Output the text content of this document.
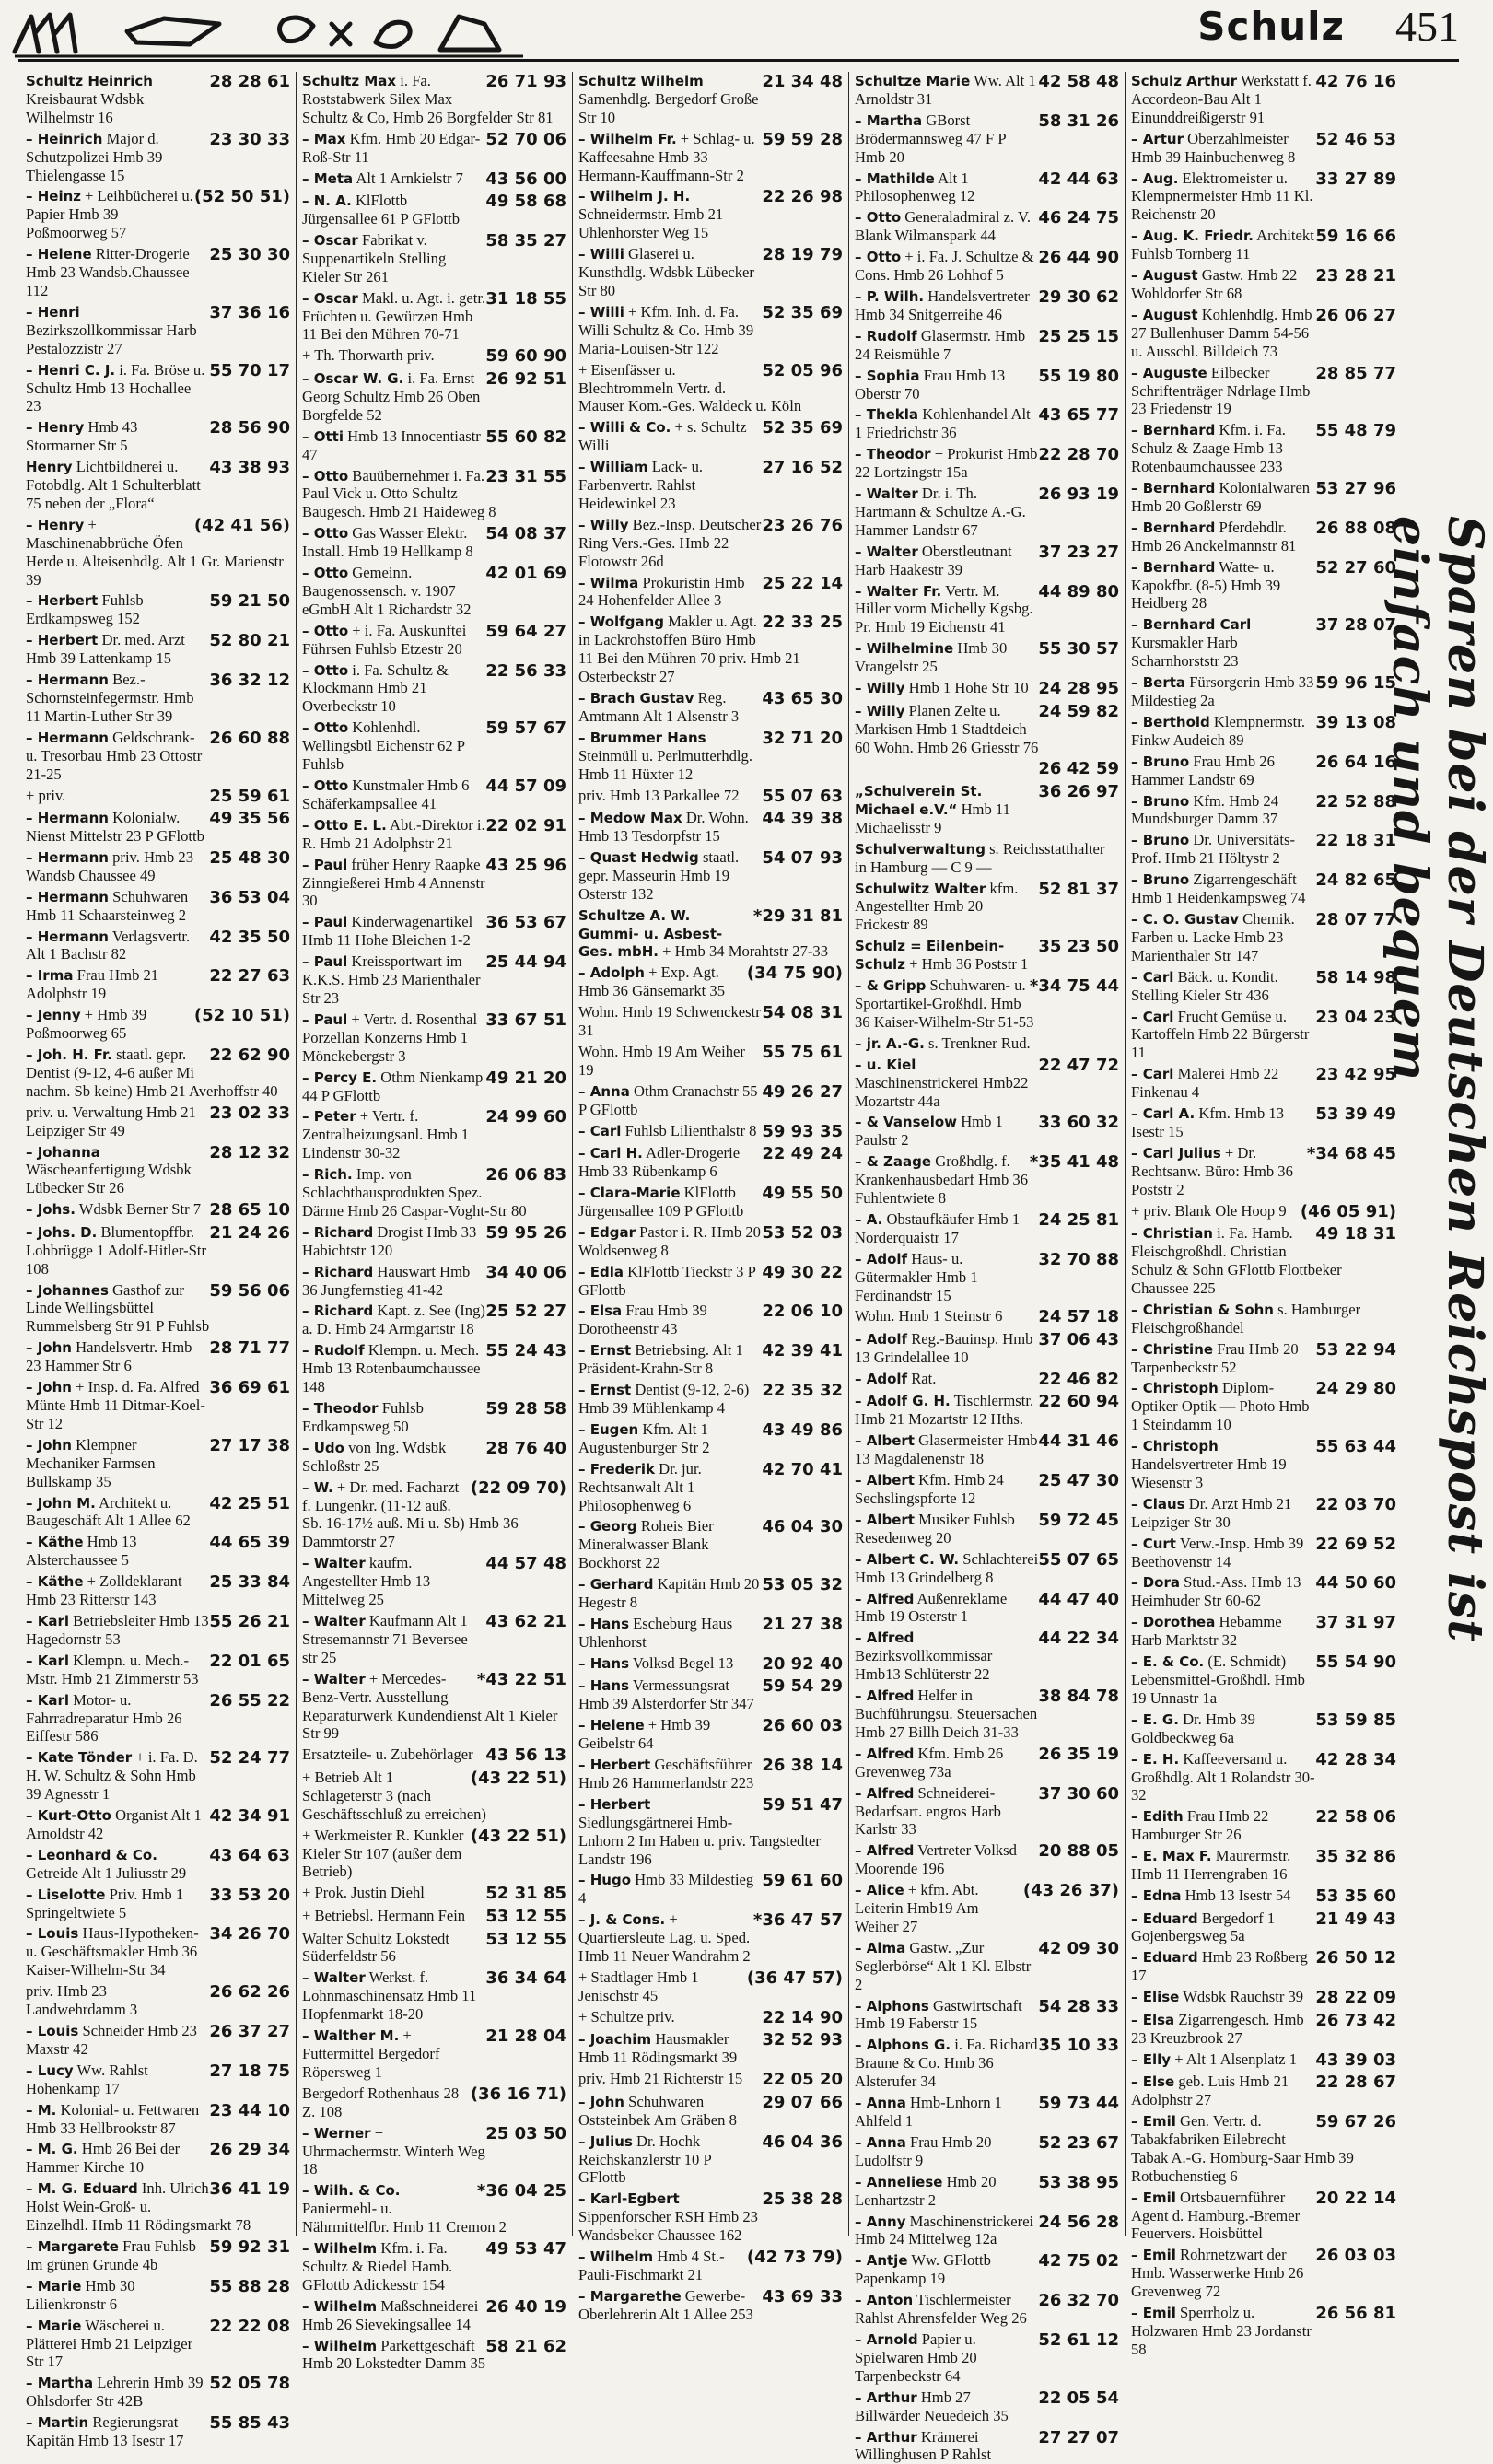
Schulz 451

28 28 61
Schultz Heinrich Kreisbaurat Wdsbk Wilhelmstr 16

23 30 33
– Heinrich Major d. Schutzpolizei Hmb 39 Thielengasse 15

(52 50 51)
– Heinz + Leihbücherei u. Papier Hmb 39 Poßmoorweg 57

25 30 30
– Helene Ritter-Drogerie Hmb 23 Wandsb.Chaussee 112

37 36 16
– Henri Bezirkszollkommissar Harb Pestalozzistr 27

55 70 17
– Henri C. J. i. Fa. Bröse u. Schultz Hmb 13 Hochallee 23

28 56 90
– Henry Hmb 43 Stormarner Str 5

43 38 93
Henry Lichtbildnerei u. Fotobdlg. Alt 1 Schulterblatt 75 neben der „Flora“

(42 41 56)
– Henry + Maschinenabbrüche Öfen Herde u. Alteisenhdlg. Alt 1 Gr. Marienstr 39

59 21 50
– Herbert Fuhlsb Erdkampsweg 152

52 80 21
– Herbert Dr. med. Arzt Hmb 39 Lattenkamp 15

36 32 12
– Hermann Bez.-Schornsteinfegermstr. Hmb 11 Martin-Luther Str 39

26 60 88
– Hermann Geldschrank- u. Tresorbau Hmb 23 Ottostr 21-25

25 59 61
+ priv.

49 35 56
– Hermann Kolonialw. Nienst Mittelstr 23 P GFlottb

25 48 30
– Hermann priv. Hmb 23 Wandsb Chaussee 49

36 53 04
– Hermann Schuhwaren Hmb 11 Schaarsteinweg 2

42 35 50
– Hermann Verlagsvertr. Alt 1 Bachstr 82

22 27 63
– Irma Frau Hmb 21 Adolphstr 19

(52 10 51)
– Jenny + Hmb 39 Poßmoorweg 65

22 62 90
– Joh. H. Fr. staatl. gepr. Dentist (9-12, 4-6 außer Mi nachm. Sb keine) Hmb 21 Averhoffstr 40

23 02 33
priv. u. Verwaltung Hmb 21 Leipziger Str 49

28 12 32
– Johanna Wäscheanfertigung Wdsbk Lübecker Str 26

28 65 10
– Johs. Wdsbk Berner Str 7

21 24 26
– Johs. D. Blumentopffbr. Lohbrügge 1 Adolf-Hitler-Str 108

59 56 06
– Johannes Gasthof zur Linde Wellingsbüttel Rummelsberg Str 91 P Fuhlsb

28 71 77
– John Handelsvertr. Hmb 23 Hammer Str 6

36 69 61
– John + Insp. d. Fa. Alfred Münte Hmb 11 Ditmar-Koel-Str 12

27 17 38
– John Klempner Mechaniker Farmsen Bullskamp 35

42 25 51
– John M. Architekt u. Baugeschäft Alt 1 Allee 62

44 65 39
– Käthe Hmb 13 Alsterchaussee 5

25 33 84
– Käthe + Zolldeklarant Hmb 23 Ritterstr 143

55 26 21
– Karl Betriebsleiter Hmb 13 Hagedornstr 53

22 01 65
– Karl Klempn. u. Mech.-Mstr. Hmb 21 Zimmerstr 53

26 55 22
– Karl Motor- u. Fahrradreparatur Hmb 26 Eiffestr 586

52 24 77
– Kate Tönder + i. Fa. D. H. W. Schultz & Sohn Hmb 39 Agnesstr 1

42 34 91
– Kurt-Otto Organist Alt 1 Arnoldstr 42

43 64 63
– Leonhard & Co. Getreide Alt 1 Juliusstr 29

33 53 20
– Liselotte Priv. Hmb 1 Springeltwiete 5

34 26 70
– Louis Haus-Hypotheken- u. Geschäftsmakler Hmb 36 Kaiser-Wilhelm-Str 34

26 62 26
priv. Hmb 23 Landwehrdamm 3

26 37 27
– Louis Schneider Hmb 23 Maxstr 42

27 18 75
– Lucy Ww. Rahlst Hohenkamp 17

23 44 10
– M. Kolonial- u. Fettwaren Hmb 33 Hellbrookstr 87

26 29 34
– M. G. Hmb 26 Bei der Hammer Kirche 10

36 41 19
– M. G. Eduard Inh. Ulrich Holst Wein-Groß- u. Einzelhdl. Hmb 11 Rödingsmarkt 78

59 92 31
– Margarete Frau Fuhlsb Im grünen Grunde 4b

55 88 28
– Marie Hmb 30 Lilienkronstr 6

22 22 08
– Marie Wäscherei u. Plätterei Hmb 21 Leipziger Str 17

52 05 78
– Martha Lehrerin Hmb 39 Ohlsdorfer Str 42B

55 85 43
– Martin Regierungsrat Kapitän Hmb 13 Isestr 17

26 71 93
Schultz Max i. Fa. Roststabwerk Silex Max Schultz & Co, Hmb 26 Borgfelder Str 81

52 70 06
– Max Kfm. Hmb 20 Edgar-Roß-Str 11

43 56 00
– Meta Alt 1 Arnkielstr 7

49 58 68
– N. A. KlFlottb Jürgensallee 61 P GFlottb

58 35 27
– Oscar Fabrikat v. Suppenartikeln Stelling Kieler Str 261

31 18 55
– Oscar Makl. u. Agt. i. getr. Früchten u. Gewürzen Hmb 11 Bei den Mühren 70-71

59 60 90
+ Th. Thorwarth priv.

26 92 51
– Oscar W. G. i. Fa. Ernst Georg Schultz Hmb 26 Oben Borgfelde 52

55 60 82
– Otti Hmb 13 Innocentiastr 47

23 31 55
– Otto Bauübernehmer i. Fa. Paul Vick u. Otto Schultz Baugesch. Hmb 21 Haideweg 8

54 08 37
– Otto Gas Wasser Elektr. Install. Hmb 19 Hellkamp 8

42 01 69
– Otto Gemeinn. Baugenossensch. v. 1907 eGmbH Alt 1 Richardstr 32

59 64 27
– Otto + i. Fa. Auskunftei Führsen Fuhlsb Etzestr 20

22 56 33
– Otto i. Fa. Schultz & Klockmann Hmb 21 Overbeckstr 10

59 57 67
– Otto Kohlenhdl. Wellingsbtl Eichenstr 62 P Fuhlsb

44 57 09
– Otto Kunstmaler Hmb 6 Schäferkampsallee 41

22 02 91
– Otto E. L. Abt.-Direktor i. R. Hmb 21 Adolphstr 21

43 25 96
– Paul früher Henry Raapke Zinngießerei Hmb 4 Annenstr 30

36 53 67
– Paul Kinderwagenartikel Hmb 11 Hohe Bleichen 1-2

25 44 94
– Paul Kreissportwart im K.K.S. Hmb 23 Marienthaler Str 23

33 67 51
– Paul + Vertr. d. Rosenthal Porzellan Konzerns Hmb 1 Mönckebergstr 3

49 21 20
– Percy E. Othm Nienkamp 44 P GFlottb

24 99 60
– Peter + Vertr. f. Zentralheizungsanl. Hmb 1 Lindenstr 30-32

26 06 83
– Rich. Imp. von Schlachthausprodukten Spez. Därme Hmb 26 Caspar-Voght-Str 80

59 95 26
– Richard Drogist Hmb 33 Habichtstr 120

34 40 06
– Richard Hauswart Hmb 36 Jungfernstieg 41-42

25 52 27
– Richard Kapt. z. See (Ing) a. D. Hmb 24 Armgartstr 18

55 24 43
– Rudolf Klempn. u. Mech. Hmb 13 Rotenbaumchaussee 148

59 28 58
– Theodor Fuhlsb Erdkampsweg 50

28 76 40
– Udo von Ing. Wdsbk Schloßstr 25

(22 09 70)
– W. + Dr. med. Facharzt f. Lungenkr. (11-12 auß. Sb. 16-17½ auß. Mi u. Sb) Hmb 36 Dammtorstr 27

44 57 48
– Walter kaufm. Angestellter Hmb 13 Mittelweg 25

43 62 21
– Walter Kaufmann Alt 1 Stresemannstr 71 Beversee str 25

*43 22 51
– Walter + Mercedes-Benz-Vertr. Ausstellung Reparaturwerk Kundendienst Alt 1 Kieler Str 99

43 56 13
Ersatzteile- u. Zubehörlager

(43 22 51)
+ Betrieb Alt 1 Schlageterstr 3 (nach Geschäftsschluß zu erreichen)

(43 22 51)
+ Werkmeister R. Kunkler Kieler Str 107 (außer dem Betrieb)

52 31 85
+ Prok. Justin Diehl

53 12 55
+ Betriebsl. Hermann Fein

53 12 55
Walter Schultz Lokstedt Süderfeldstr 56

36 34 64
– Walter Werkst. f. Lohnmaschinensatz Hmb 11 Hopfenmarkt 18-20

21 28 04
– Walther M. + Futtermittel Bergedorf Röpersweg 1

(36 16 71)
Bergedorf Rothenhaus 28 Z. 108

25 03 50
– Werner + Uhrmachermstr. Winterh Weg 18

*36 04 25
– Wilh. & Co. Paniermehl- u. Nährmittelfbr. Hmb 11 Cremon 2

49 53 47
– Wilhelm Kfm. i. Fa. Schultz & Riedel Hamb. GFlottb Adickesstr 154

26 40 19
– Wilhelm Maßschneiderei Hmb 26 Sievekingsallee 14

58 21 62
– Wilhelm Parkettgeschäft Hmb 20 Lokstedter Damm 35

21 34 48
Schultz Wilhelm Samenhdlg. Bergedorf Große Str 10

59 59 28
– Wilhelm Fr. + Schlag- u. Kaffeesahne Hmb 33 Hermann-Kauffmann-Str 2

22 26 98
– Wilhelm J. H. Schneidermstr. Hmb 21 Uhlenhorster Weg 15

28 19 79
– Willi Glaserei u. Kunsthdlg. Wdsbk Lübecker Str 80

52 35 69
– Willi + Kfm. Inh. d. Fa. Willi Schultz & Co. Hmb 39 Maria-Louisen-Str 122

52 05 96
+ Eisenfässer u. Blechtrommeln Vertr. d. Mauser Kom.-Ges. Waldeck u. Köln

52 35 69
– Willi & Co. + s. Schultz Willi

27 16 52
– William Lack- u. Farbenvertr. Rahlst Heidewinkel 23

23 26 76
– Willy Bez.-Insp. Deutscher Ring Vers.-Ges. Hmb 22 Flotowstr 26d

25 22 14
– Wilma Prokuristin Hmb 24 Hohenfelder Allee 3

22 33 25
– Wolfgang Makler u. Agt. in Lackrohstoffen Büro Hmb 11 Bei den Mühren 70 priv. Hmb 21 Osterbeckstr 27

43 65 30
– Brach Gustav Reg. Amtmann Alt 1 Alsenstr 3

32 71 20
– Brummer Hans Steinmüll u. Perlmutterhdlg. Hmb 11 Hüxter 12

55 07 63
priv. Hmb 13 Parkallee 72

44 39 38
– Medow Max Dr. Wohn. Hmb 13 Tesdorpfstr 15

54 07 93
– Quast Hedwig staatl. gepr. Masseurin Hmb 19 Osterstr 132

*29 31 81
Schultze A. W. Gummi- u. Asbest-Ges. mbH. + Hmb 34 Morahtstr 27-33

(34 75 90)
– Adolph + Exp. Agt. Hmb 36 Gänsemarkt 35

54 08 31
Wohn. Hmb 19 Schwenckestr 31

55 75 61
Wohn. Hmb 19 Am Weiher 19

49 26 27
– Anna Othm Cranachstr 55 P GFlottb

59 93 35
– Carl Fuhlsb Lilienthalstr 8

22 49 24
– Carl H. Adler-Drogerie Hmb 33 Rübenkamp 6

49 55 50
– Clara-Marie KlFlottb Jürgensallee 109 P GFlottb

53 52 03
– Edgar Pastor i. R. Hmb 20 Woldsenweg 8

49 30 22
– Edla KlFlottb Tieckstr 3 P GFlottb

22 06 10
– Elsa Frau Hmb 39 Dorotheenstr 43

42 39 41
– Ernst Betriebsing. Alt 1 Präsident-Krahn-Str 8

22 35 32
– Ernst Dentist (9-12, 2-6) Hmb 39 Mühlenkamp 4

43 49 86
– Eugen Kfm. Alt 1 Augustenburger Str 2

42 70 41
– Frederik Dr. jur. Rechtsanwalt Alt 1 Philosophenweg 6

46 04 30
– Georg Roheis Bier Mineralwasser Blank Bockhorst 22

53 05 32
– Gerhard Kapitän Hmb 20 Hegestr 8

21 27 38
– Hans Escheburg Haus Uhlenhorst

20 92 40
– Hans Volksd Begel 13

59 54 29
– Hans Vermessungsrat Hmb 39 Alsterdorfer Str 347

26 60 03
– Helene + Hmb 39 Geibelstr 64

26 38 14
– Herbert Geschäftsführer Hmb 26 Hammerlandstr 223

59 51 47
– Herbert Siedlungsgärtnerei Hmb-Lnhorn 2 Im Haben u. priv. Tangstedter Landstr 196

59 61 60
– Hugo Hmb 33 Mildestieg 4

*36 47 57
– J. & Cons. + Quartiersleute Lag. u. Sped. Hmb 11 Neuer Wandrahm 2

(36 47 57)
+ Stadtlager Hmb 1 Jenischstr 45

22 14 90
+ Schultze priv.

32 52 93
– Joachim Hausmakler Hmb 11 Rödingsmarkt 39

22 05 20
priv. Hmb 21 Richterstr 15

29 07 66
– John Schuhwaren Oststeinbek Am Gräben 8

46 04 36
– Julius Dr. Hochk Reichskanzlerstr 10 P GFlottb

25 38 28
– Karl-Egbert Sippenforscher RSH Hmb 23 Wandsbeker Chaussee 162

(42 73 79)
– Wilhelm Hmb 4 St.-Pauli-Fischmarkt 21

43 69 33
– Margarethe Gewerbe-Oberlehrerin Alt 1 Allee 253

42 58 48
Schultze Marie Ww. Alt 1 Arnoldstr 31

58 31 26
– Martha GBorst Brödermannsweg 47 F P Hmb 20

42 44 63
– Mathilde Alt 1 Philosophenweg 12

46 24 75
– Otto Generaladmiral z. V. Blank Wilmanspark 44

26 44 90
– Otto + i. Fa. J. Schultze & Cons. Hmb 26 Lohhof 5

29 30 62
– P. Wilh. Handelsvertreter Hmb 34 Snitgerreihe 46

25 25 15
– Rudolf Glasermstr. Hmb 24 Reismühle 7

55 19 80
– Sophia Frau Hmb 13 Oberstr 70

43 65 77
– Thekla Kohlenhandel Alt 1 Friedrichstr 36

22 28 70
– Theodor + Prokurist Hmb 22 Lortzingstr 15a

26 93 19
– Walter Dr. i. Th. Hartmann & Schultze A.-G. Hammer Landstr 67

37 23 27
– Walter Oberstleutnant Harb Haakestr 39

44 89 80
– Walter Fr. Vertr. M. Hiller vorm Michelly Kgsbg. Pr. Hmb 19 Eichenstr 41

55 30 57
– Wilhelmine Hmb 30 Vrangelstr 25

24 28 95
– Willy Hmb 1 Hohe Str 10

24 59 82
– Willy Planen Zelte u. Markisen Hmb 1 Stadtdeich 60 Wohn. Hmb 26 Griesstr 76

26 42 59

36 26 97
„Schulverein St. Michael e.V.“ Hmb 11 Michaelisstr 9

Schulverwaltung s. Reichsstatthalter in Hamburg — C 9 —

52 81 37
Schulwitz Walter kfm. Angestellter Hmb 20 Frickestr 89

35 23 50
Schulz = Eilenbein-Schulz + Hmb 36 Poststr 1

*34 75 44
– & Gripp Schuhwaren- u. Sportartikel-Großhdl. Hmb 36 Kaiser-Wilhelm-Str 51-53

– jr. A.-G. s. Trenkner Rud.

22 47 72
– u. Kiel Maschinenstrickerei Hmb22 Mozartstr 44a

33 60 32
– & Vanselow Hmb 1 Paulstr 2

*35 41 48
– & Zaage Großhdlg. f. Krankenhausbedarf Hmb 36 Fuhlentwiete 8

24 25 81
– A. Obstaufkäufer Hmb 1 Norderquaistr 17

32 70 88
– Adolf Haus- u. Gütermakler Hmb 1 Ferdinandstr 15

24 57 18
Wohn. Hmb 1 Steinstr 6

37 06 43
– Adolf Reg.-Bauinsp. Hmb 13 Grindelallee 10

22 46 82
– Adolf Rat.

22 60 94
– Adolf G. H. Tischlermstr. Hmb 21 Mozartstr 12 Hths.

44 31 46
– Albert Glasermeister Hmb 13 Magdalenenstr 18

25 47 30
– Albert Kfm. Hmb 24 Sechslingspforte 12

59 72 45
– Albert Musiker Fuhlsb Resedenweg 20

55 07 65
– Albert C. W. Schlachterei Hmb 13 Grindelberg 8

44 47 40
– Alfred Außenreklame Hmb 19 Osterstr 1

44 22 34
– Alfred Bezirksvollkommissar Hmb13 Schlüterstr 22

38 84 78
– Alfred Helfer in Buchführungsu. Steuersachen Hmb 27 Billh Deich 31-33

26 35 19
– Alfred Kfm. Hmb 26 Grevenweg 73a

37 30 60
– Alfred Schneiderei-Bedarfsart. engros Harb Karlstr 33

20 88 05
– Alfred Vertreter Volksd Moorende 196

(43 26 37)
– Alice + kfm. Abt. Leiterin Hmb19 Am Weiher 27

42 09 30
– Alma Gastw. „Zur Seglerbörse“ Alt 1 Kl. Elbstr 2

54 28 33
– Alphons Gastwirtschaft Hmb 19 Faberstr 15

35 10 33
– Alphons G. i. Fa. Richard Braune & Co. Hmb 36 Alsterufer 34

59 73 44
– Anna Hmb-Lnhorn 1 Ahlfeld 1

52 23 67
– Anna Frau Hmb 20 Ludolfstr 9

53 38 95
– Anneliese Hmb 20 Lenhartzstr 2

24 56 28
– Anny Maschinenstrickerei Hmb 24 Mittelweg 12a

42 75 02
– Antje Ww. GFlottb Papenkamp 19

26 32 70
– Anton Tischlermeister Rahlst Ahrensfelder Weg 26

52 61 12
– Arnold Papier u. Spielwaren Hmb 20 Tarpenbeckstr 64

22 05 54
– Arthur Hmb 27 Billwärder Neuedeich 35

27 27 07
– Arthur Krämerei Willinghusen P Rahlst

42 76 16
Schulz Arthur Werkstatt f. Accordeon-Bau Alt 1 Einunddreißigerstr 91

52 46 53
– Artur Oberzahlmeister Hmb 39 Hainbuchenweg 8

33 27 89
– Aug. Elektromeister u. Klempnermeister Hmb 11 Kl. Reichenstr 20

59 16 66
– Aug. K. Friedr. Architekt Fuhlsb Tornberg 11

23 28 21
– August Gastw. Hmb 22 Wohldorfer Str 68

26 06 27
– August Kohlenhdlg. Hmb 27 Bullenhuser Damm 54-56 u. Ausschl. Billdeich 73

28 85 77
– Auguste Eilbecker Schriftenträger Ndrlage Hmb 23 Friedenstr 19

55 48 79
– Bernhard Kfm. i. Fa. Schulz & Zaage Hmb 13 Rotenbaumchaussee 233

53 27 96
– Bernhard Kolonialwaren Hmb 20 Goßlerstr 69

26 88 08
– Bernhard Pferdehdlr. Hmb 26 Anckelmannstr 81

52 27 60
– Bernhard Watte- u. Kapokfbr. (8-5) Hmb 39 Heidberg 28

37 28 07
– Bernhard Carl Kursmakler Harb Scharnhorststr 23

59 96 15
– Berta Fürsorgerin Hmb 33 Mildestieg 2a

39 13 08
– Berthold Klempnermstr. Finkw Audeich 89

26 64 16
– Bruno Frau Hmb 26 Hammer Landstr 69

22 52 88
– Bruno Kfm. Hmb 24 Mundsburger Damm 37

22 18 31
– Bruno Dr. Universitäts-Prof. Hmb 21 Höltystr 2

24 82 65
– Bruno Zigarrengeschäft Hmb 1 Heidenkampsweg 74

28 07 77
– C. O. Gustav Chemik. Farben u. Lacke Hmb 23 Marienthaler Str 147

58 14 98
– Carl Bäck. u. Kondit. Stelling Kieler Str 436

23 04 23
– Carl Frucht Gemüse u. Kartoffeln Hmb 22 Bürgerstr 11

23 42 95
– Carl Malerei Hmb 22 Finkenau 4

53 39 49
– Carl A. Kfm. Hmb 13 Isestr 15

*34 68 45
– Carl Julius + Dr. Rechtsanw. Büro: Hmb 36 Poststr 2

(46 05 91)
+ priv. Blank Ole Hoop 9

49 18 31
– Christian i. Fa. Hamb. Fleischgroßhdl. Christian Schulz & Sohn GFlottb Flottbeker Chaussee 225

– Christian & Sohn s. Hamburger Fleischgroßhandel

53 22 94
– Christine Frau Hmb 20 Tarpenbeckstr 52

24 29 80
– Christoph Diplom-Optiker Optik — Photo Hmb 1 Steindamm 10

55 63 44
– Christoph Handelsvertreter Hmb 19 Wiesenstr 3

22 03 70
– Claus Dr. Arzt Hmb 21 Leipziger Str 30

22 69 52
– Curt Verw.-Insp. Hmb 39 Beethovenstr 14

44 50 60
– Dora Stud.-Ass. Hmb 13 Heimhuder Str 60-62

37 31 97
– Dorothea Hebamme Harb Marktstr 32

55 54 90
– E. & Co. (E. Schmidt) Lebensmittel-Großhdl. Hmb 19 Unnastr 1a

53 59 85
– E. G. Dr. Hmb 39 Goldbeckweg 6a

42 28 34
– E. H. Kaffeeversand u. Großhdlg. Alt 1 Rolandstr 30-32

22 58 06
– Edith Frau Hmb 22 Hamburger Str 26

35 32 86
– E. Max F. Maurermstr. Hmb 11 Herrengraben 16

53 35 60
– Edna Hmb 13 Isestr 54

21 49 43
– Eduard Bergedorf 1 Gojenbergsweg 5a

26 50 12
– Eduard Hmb 23 Roßberg 17

28 22 09
– Elise Wdsbk Rauchstr 39

26 73 42
– Elsa Zigarrengesch. Hmb 23 Kreuzbrook 27

43 39 03
– Elly + Alt 1 Alsenplatz 1

22 28 67
– Else geb. Luis Hmb 21 Adolphstr 27

59 67 26
– Emil Gen. Vertr. d. Tabakfabriken Eilebrecht Tabak A.-G. Homburg-Saar Hmb 39 Rotbuchenstieg 6

20 22 14
– Emil Ortsbauernführer Agent d. Hamburg.-Bremer Feuervers. Hoisbüttel

26 03 03
– Emil Rohrnetzwart der Hmb. Wasserwerke Hmb 26 Grevenweg 72

26 56 81
– Emil Sperrholz u. Holzwaren Hmb 23 Jordanstr 58

Sparen bei der Deutschen Reichspost ist einfach und bequem
